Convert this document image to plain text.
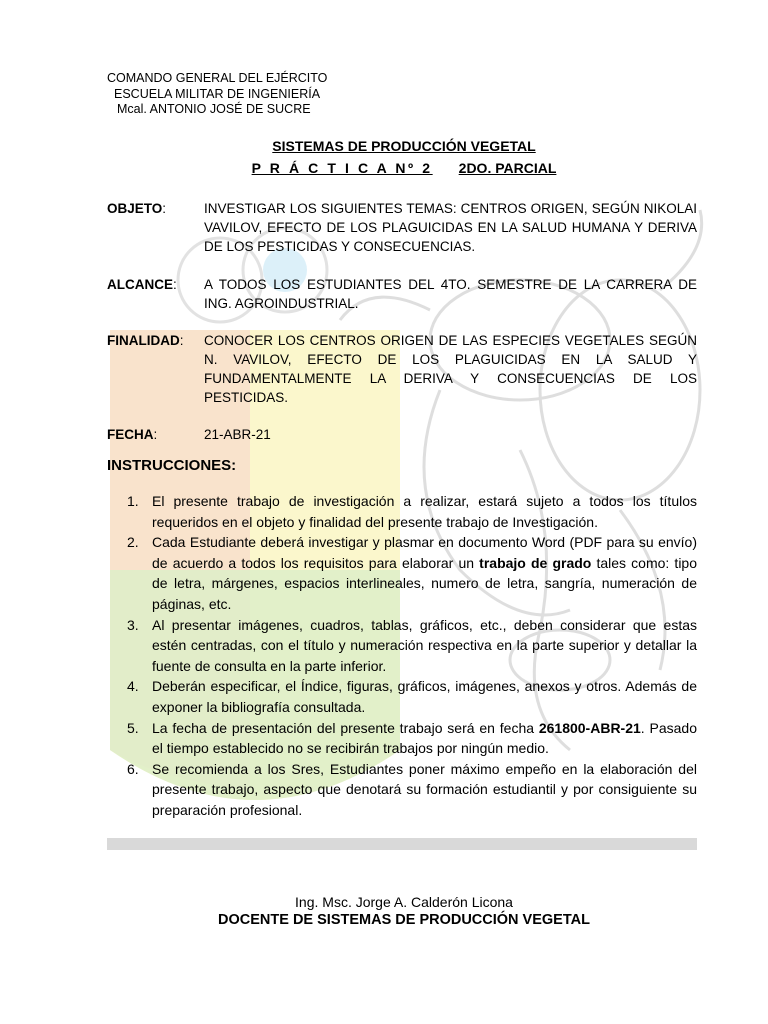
COMANDO GENERAL DEL EJÉRCITO
ESCUELA MILITAR DE INGENIERÍA
Mcal. ANTONIO JOSÉ DE SUCRE
SISTEMAS DE PRODUCCIÓN VEGETAL
P R Á C T I C A Nº 2 2DO. PARCIAL
OBJETO:	INVESTIGAR LOS SIGUIENTES TEMAS: CENTROS ORIGEN, SEGÚN NIKOLAI VAVILOV, EFECTO DE LOS PLAGUICIDAS EN LA SALUD HUMANA Y DERIVA DE LOS PESTICIDAS Y CONSECUENCIAS.
ALCANCE: A TODOS LOS ESTUDIANTES DEL 4TO. SEMESTRE DE LA CARRERA DE ING. AGROINDUSTRIAL.
FINALIDAD: CONOCER LOS CENTROS ORIGEN DE LAS ESPECIES VEGETALES SEGÚN N. VAVILOV, EFECTO DE LOS PLAGUICIDAS EN LA SALUD Y FUNDAMENTALMENTE LA DERIVA Y CONSECUENCIAS DE LOS PESTICIDAS.
FECHA:	21-ABR-21
INSTRUCCIONES:
1. El presente trabajo de investigación a realizar, estará sujeto a todos los títulos requeridos en el objeto y finalidad del presente trabajo de Investigación.
2. Cada Estudiante deberá investigar y plasmar en documento Word (PDF para su envío) de acuerdo a todos los requisitos para elaborar un trabajo de grado tales como: tipo de letra, márgenes, espacios interlineales, numero de letra, sangría, numeración de páginas, etc.
3. Al presentar imágenes, cuadros, tablas, gráficos, etc., deben considerar que estas estén centradas, con el título y numeración respectiva en la parte superior y detallar la fuente de consulta en la parte inferior.
4. Deberán especificar, el Índice, figuras, gráficos, imágenes, anexos y otros. Además de exponer la bibliografía consultada.
5. La fecha de presentación del presente trabajo será en fecha 261800-ABR-21. Pasado el tiempo establecido no se recibirán trabajos por ningún medio.
6. Se recomienda a los Sres, Estudiantes poner máximo empeño en la elaboración del presente trabajo, aspecto que denotará su formación estudiantil y por consiguiente su preparación profesional.
Ing. Msc. Jorge A. Calderón Licona
DOCENTE DE SISTEMAS DE PRODUCCIÓN VEGETAL
